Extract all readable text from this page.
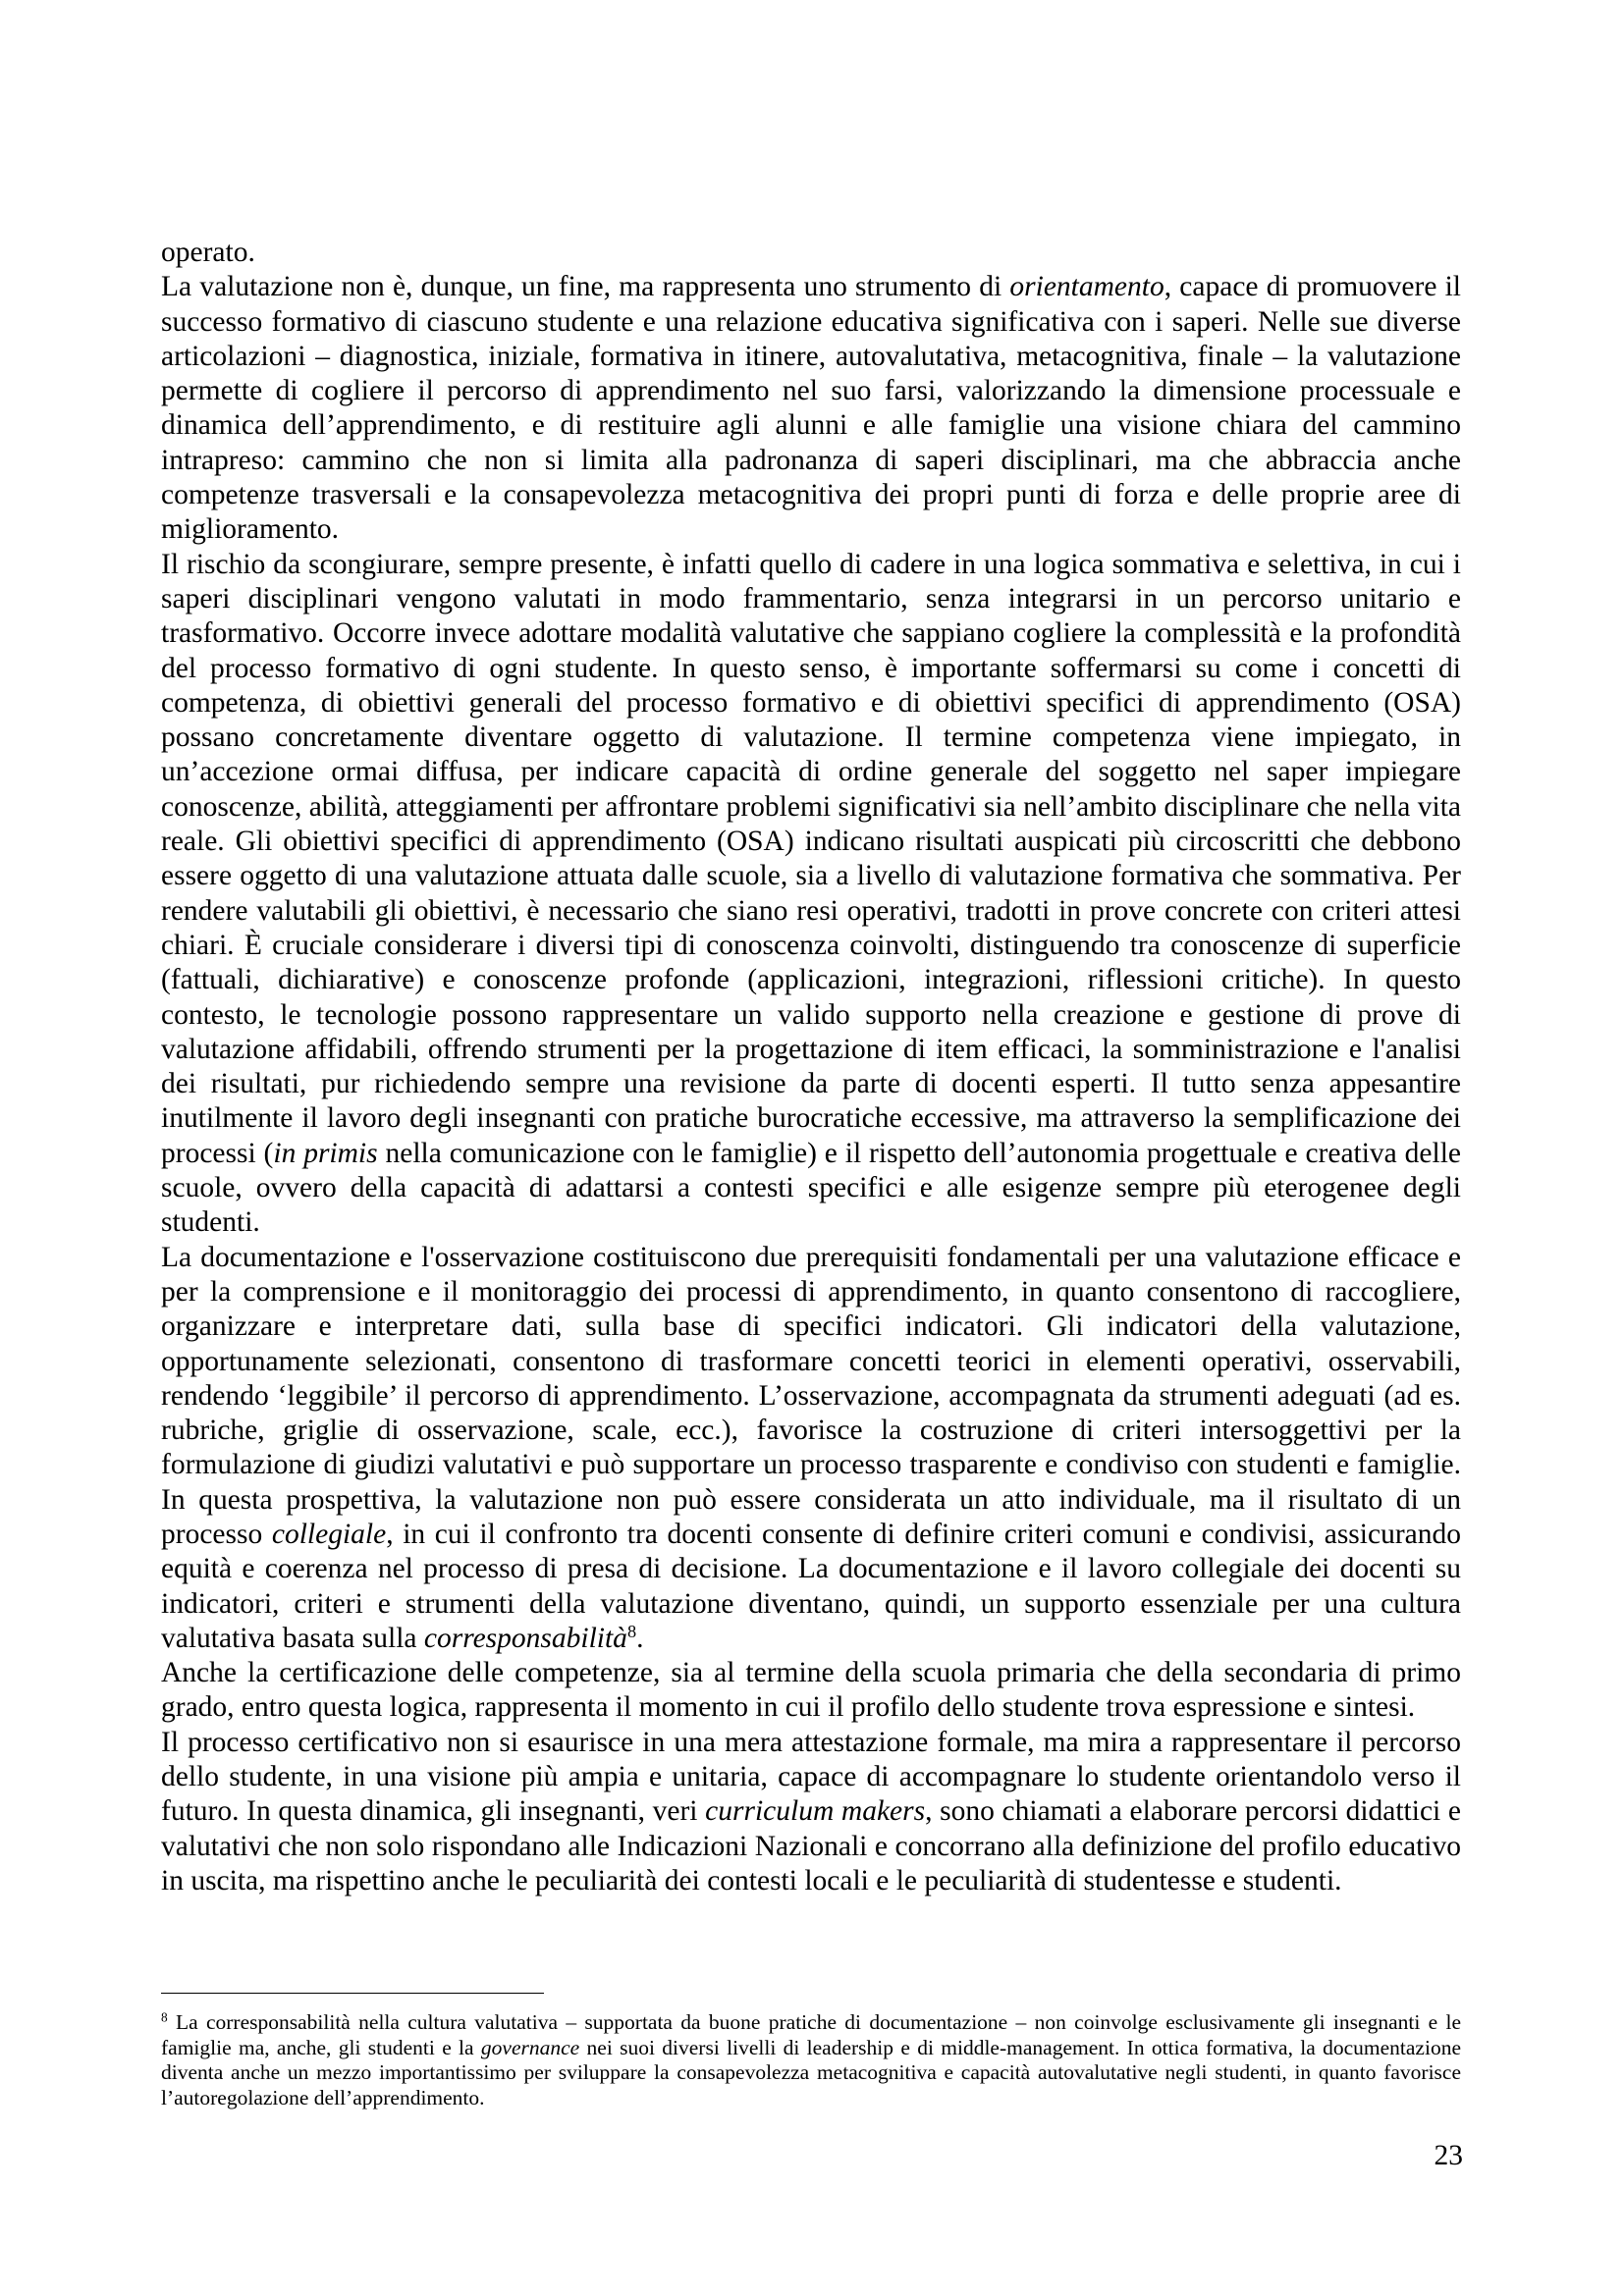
operato.

La valutazione non è, dunque, un fine, ma rappresenta uno strumento di orientamento, capace di promuovere il successo formativo di ciascuno studente e una relazione educativa significativa con i saperi. Nelle sue diverse articolazioni – diagnostica, iniziale, formativa in itinere, autovalutativa, metacognitiva, finale – la valutazione permette di cogliere il percorso di apprendimento nel suo farsi, valorizzando la dimensione processuale e dinamica dell’apprendimento, e di restituire agli alunni e alle famiglie una visione chiara del cammino intrapreso: cammino che non si limita alla padronanza di saperi disciplinari, ma che abbraccia anche competenze trasversali e la consapevolezza metacognitiva dei propri punti di forza e delle proprie aree di miglioramento.

Il rischio da scongiurare, sempre presente, è infatti quello di cadere in una logica sommativa e selettiva, in cui i saperi disciplinari vengono valutati in modo frammentario, senza integrarsi in un percorso unitario e trasformativo. Occorre invece adottare modalità valutative che sappiano cogliere la complessità e la profondità del processo formativo di ogni studente. In questo senso, è importante soffermarsi su come i concetti di competenza, di obiettivi generali del processo formativo e di obiettivi specifici di apprendimento (OSA) possano concretamente diventare oggetto di valutazione. Il termine competenza viene impiegato, in un’accezione ormai diffusa, per indicare capacità di ordine generale del soggetto nel saper impiegare conoscenze, abilità, atteggiamenti per affrontare problemi significativi sia nell’ambito disciplinare che nella vita reale. Gli obiettivi specifici di apprendimento (OSA) indicano risultati auspicati più circoscritti che debbono essere oggetto di una valutazione attuata dalle scuole, sia a livello di valutazione formativa che sommativa. Per rendere valutabili gli obiettivi, è necessario che siano resi operativi, tradotti in prove concrete con criteri attesi chiari. È cruciale considerare i diversi tipi di conoscenza coinvolti, distinguendo tra conoscenze di superficie (fattuali, dichiarative) e conoscenze profonde (applicazioni, integrazioni, riflessioni critiche). In questo contesto, le tecnologie possono rappresentare un valido supporto nella creazione e gestione di prove di valutazione affidabili, offrendo strumenti per la progettazione di item efficaci, la somministrazione e l'analisi dei risultati, pur richiedendo sempre una revisione da parte di docenti esperti. Il tutto senza appesantire inutilmente il lavoro degli insegnanti con pratiche burocratiche eccessive, ma attraverso la semplificazione dei processi (in primis nella comunicazione con le famiglie) e il rispetto dell’autonomia progettuale e creativa delle scuole, ovvero della capacità di adattarsi a contesti specifici e alle esigenze sempre più eterogenee degli studenti.

La documentazione e l'osservazione costituiscono due prerequisiti fondamentali per una valutazione efficace e per la comprensione e il monitoraggio dei processi di apprendimento, in quanto consentono di raccogliere, organizzare e interpretare dati, sulla base di specifici indicatori. Gli indicatori della valutazione, opportunamente selezionati, consentono di trasformare concetti teorici in elementi operativi, osservabili, rendendo ‘leggibile’ il percorso di apprendimento. L’osservazione, accompagnata da strumenti adeguati (ad es. rubriche, griglie di osservazione, scale, ecc.), favorisce la costruzione di criteri intersoggettivi per la formulazione di giudizi valutativi e può supportare un processo trasparente e condiviso con studenti e famiglie. In questa prospettiva, la valutazione non può essere considerata un atto individuale, ma il risultato di un processo collegiale, in cui il confronto tra docenti consente di definire criteri comuni e condivisi, assicurando equità e coerenza nel processo di presa di decisione. La documentazione e il lavoro collegiale dei docenti su indicatori, criteri e strumenti della valutazione diventano, quindi, un supporto essenziale per una cultura valutativa basata sulla corresponsabilità$^8$.

Anche la certificazione delle competenze, sia al termine della scuola primaria che della secondaria di primo grado, entro questa logica, rappresenta il momento in cui il profilo dello studente trova espressione e sintesi.

Il processo certificativo non si esaurisce in una mera attestazione formale, ma mira a rappresentare il percorso dello studente, in una visione più ampia e unitaria, capace di accompagnare lo studente orientandolo verso il futuro. In questa dinamica, gli insegnanti, veri curriculum makers, sono chiamati a elaborare percorsi didattici e valutativi che non solo rispondano alle Indicazioni Nazionali e concorrano alla definizione del profilo educativo in uscita, ma rispettino anche le peculiarità dei contesti locali e le peculiarità di studentesse e studenti.

$^8$ La corresponsabilità nella cultura valutativa – supportata da buone pratiche di documentazione – non coinvolge esclusivamente gli insegnanti e le famiglie ma, anche, gli studenti e la governance nei suoi diversi livelli di leadership e di middle-management. In ottica formativa, la documentazione diventa anche un mezzo importantissimo per sviluppare la consapevolezza metacognitiva e capacità autovalutative negli studenti, in quanto favorisce l’autoregolazione dell’apprendimento.

23
